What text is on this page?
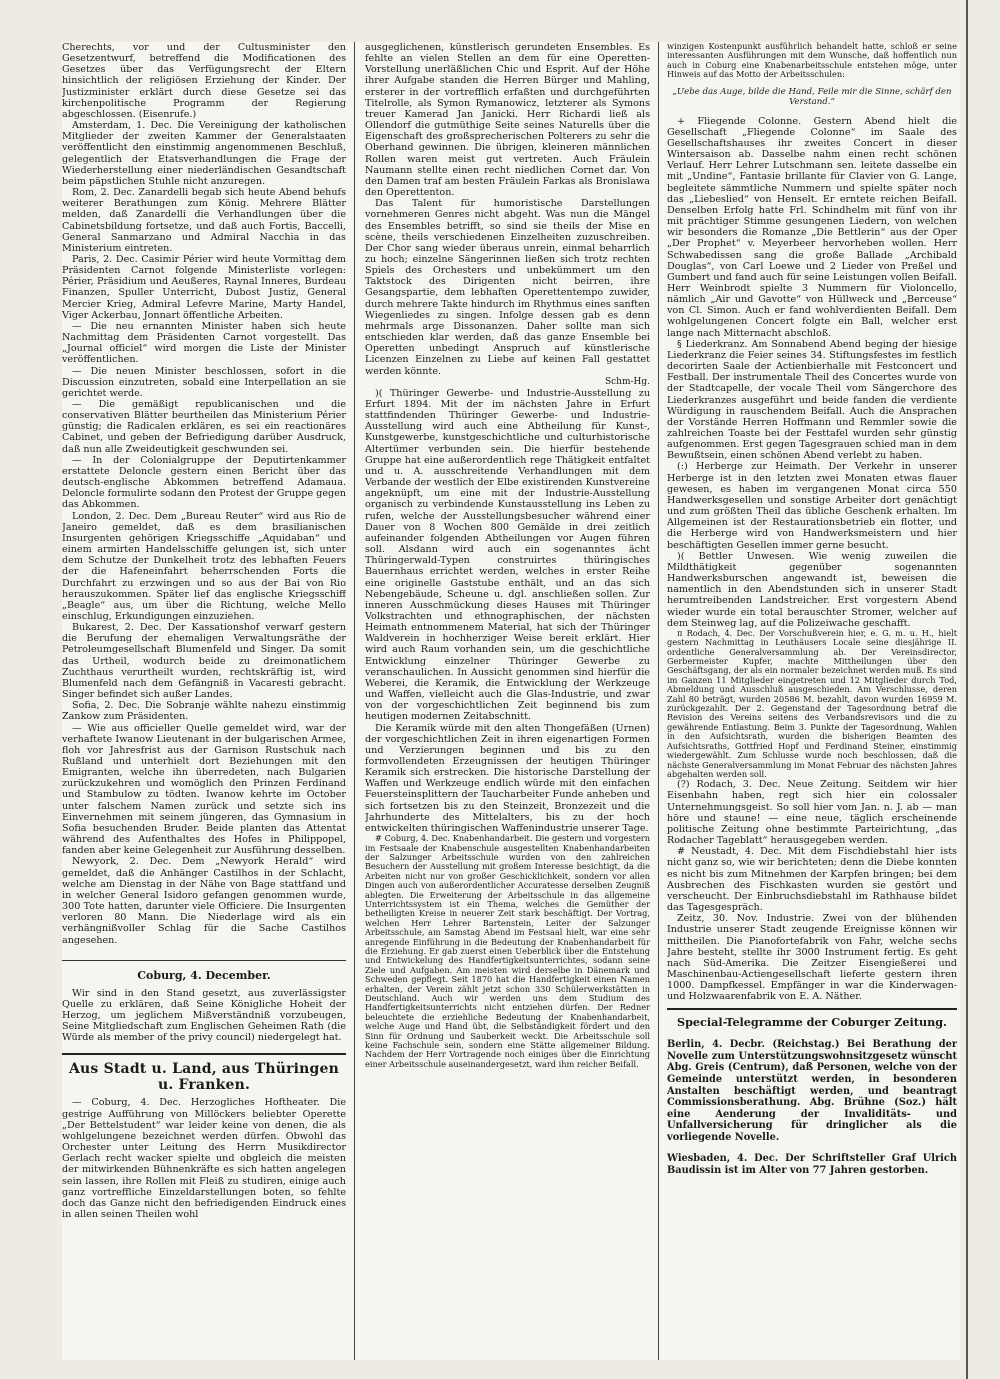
Cherechts, vor und der Cultusminister den Gesetzentwurf, betreffend die Modificationen des Gesetzes über das Verfügungsrecht der Eltern hinsichtlich der religiösen Erziehung der Kinder. Der Justizminister erklärt durch diese Gesetze sei das kirchenpolitische Programm der Regierung abgeschlossen. (Eisenrufe.)

Amsterdam, 1. Dec. Die Vereinigung der katholischen Mitglieder der zweiten Kammer der Generalstaaten veröffentlicht den einstimmig angenommenen Beschluß, gelegentlich der Etatsverhandlungen die Frage der Wiederherstellung einer niederländischen Gesandtschaft beim päpstlichen Stuhle nicht anzuregen.

Rom, 2. Dec. Zanardelli begab sich heute Abend behufs weiterer Berathungen zum König. Mehrere Blätter melden, daß Zanardelli die Verhandlungen über die Cabinetsbildung fortsetze, und daß auch Fortis, Baccelli, General Sanmarzano und Admiral Nacchia in das Ministerium eintreten.

Paris, 2. Dec. Casimir Périer wird heute Vormittag dem Präsidenten Carnot folgende Ministerliste vorlegen: Périer, Präsidium und Aeußeres, Raynal Inneres, Burdeau Finanzen, Spuller Unterricht, Dubost Justiz, General Mercier Krieg, Admiral Lefevre Marine, Marty Handel, Viger Ackerbau, Jonnart öffentliche Arbeiten.

— Die neu ernannten Minister haben sich heute Nachmittag dem Präsidenten Carnot vorgestellt. Das „Journal officiel“ wird morgen die Liste der Minister veröffentlichen.

— Die neuen Minister beschlossen, sofort in die Discussion einzutreten, sobald eine Interpellation an sie gerichtet werde.

— Die gemäßigt republicanischen und die conservativen Blätter beurtheilen das Ministerium Périer günstig; die Radicalen erklären, es sei ein reactionäres Cabinet, und geben der Befriedigung darüber Ausdruck, daß nun alle Zweideutigkeit geschwunden sei.

— In der Colonialgruppe der Deputirtenkammer erstattete Deloncle gestern einen Bericht über das deutsch-englische Abkommen betreffend Adamaua. Deloncle formulirte sodann den Protest der Gruppe gegen das Abkommen.

London, 2. Dec. Dem „Bureau Reuter“ wird aus Rio de Janeiro gemeldet, daß es dem brasilianischen Insurgenten gehörigen Kriegsschiffe „Aquidaban“ und einem armirten Handelsschiffe gelungen ist, sich unter dem Schutze der Dunkelheit trotz des lebhaften Feuers der die Hafeneinfahrt beherrschenden Forts die Durchfahrt zu erzwingen und so aus der Bai von Rio herauszukommen. Später lief das englische Kriegsschiff „Beagle“ aus, um über die Richtung, welche Mello einschlug, Erkundigungen einzuziehen.

Bukarest, 2. Dec. Der Kassationshof verwarf gestern die Berufung der ehemaligen Verwaltungsräthe der Petroleumgesellschaft Blumenfeld und Singer. Da somit das Urtheil, wodurch beide zu dreimonatlichem Zuchthaus verurtheilt wurden, rechtskräftig ist, wird Blumenfeld nach dem Gefängniß in Vacaresti gebracht. Singer befindet sich außer Landes.

Sofia, 2. Dec. Die Sobranje wählte nahezu einstimmig Zankow zum Präsidenten.

— Wie aus officieller Quelle gemeldet wird, war der verhaftete Iwanow Lieutenant in der bulgarischen Armee, floh vor Jahresfrist aus der Garnison Rustschuk nach Rußland und unterhielt dort Beziehungen mit den Emigranten, welche ihn überredeten, nach Bulgarien zurückzukehren und womöglich den Prinzen Ferdinand und Stambulow zu tödten. Iwanow kehrte im October unter falschem Namen zurück und setzte sich ins Einvernehmen mit seinem jüngeren, das Gymnasium in Sofia besuchenden Bruder. Beide planten das Attentat während des Aufenthaltes des Hofes in Philippopel, fanden aber keine Gelegenheit zur Ausführung desselben.

Newyork, 2. Dec. Dem „Newyork Herald“ wird gemeldet, daß die Anhänger Castilhos in der Schlacht, welche am Dienstag in der Nähe von Bage stattfand und in welcher General Isidoro gefangen genommen wurde, 300 Tote hatten, darunter viele Officiere. Die Insurgenten verloren 80 Mann. Die Niederlage wird als ein verhängnißvoller Schlag für die Sache Castilhos angesehen.

Coburg, 4. December.

Wir sind in den Stand gesetzt, aus zuverlässigster Quelle zu erklären, daß Seine Königliche Hoheit der Herzog, um jeglichem Mißverständniß vorzubeugen, Seine Mitgliedschaft zum Englischen Geheimen Rath (die Würde als member of the privy council) niedergelegt hat.

Aus Stadt u. Land, aus Thüringen u. Franken.

— Coburg, 4. Dec. Herzogliches Hoftheater. Die gestrige Aufführung von Millöckers beliebter Operette „Der Bettelstudent“ war leider keine von denen, die als wohlgelungene bezeichnet werden dürfen. Obwohl das Orchester unter Leitung des Herrn Musikdirector Gerlach recht wacker spielte und obgleich die meisten der mitwirkenden Bühnenkräfte es sich hatten angelegen sein lassen, ihre Rollen mit Fleiß zu studiren, einige auch ganz vortreffliche Einzeldarstellungen boten, so fehlte doch das Ganze nicht den befriedigenden Eindruck eines in allen seinen Theilen wohl

ausgeglichenen, künstlerisch gerundeten Ensembles. Es fehlte an vielen Stellen an dem für eine Operetten-Vorstellung unerläßlichen Chic und Esprit. Auf der Höhe ihrer Aufgabe standen die Herren Bürger und Mahling, ersterer in der vortrefflich erfaßten und durchgeführten Titelrolle, als Symon Rymanowicz, letzterer als Symons treuer Kamerad Jan Janicki. Herr Richardi ließ als Ollendorf die gutmüthige Seite seines Naturells über die Eigenschaft des großsprecherischen Polterers zu sehr die Oberhand gewinnen. Die übrigen, kleineren männlichen Rollen waren meist gut vertreten. Auch Fräulein Naumann stellte einen recht niedlichen Cornet dar. Von den Damen traf am besten Fräulein Farkas als Bronislawa den Operettenton.

Das Talent für humoristische Darstellungen vornehmeren Genres nicht abgeht. Was nun die Mängel des Ensembles betrifft, so sind sie theils der Mise en scène, theils verschiedenen Einzelheiten zuzuschreiben. Der Chor sang wieder überaus unrein, einmal beharrlich zu hoch; einzelne Sängerinnen ließen sich trotz rechten Spiels des Orchesters und unbekümmert um den Taktstock des Dirigenten nicht beirren, ihre Gesangspartie, dem lebhaften Operettentempo zuwider, durch mehrere Takte hindurch im Rhythmus eines sanften Wiegenliedes zu singen. Infolge dessen gab es denn mehrmals arge Dissonanzen. Daher sollte man sich entschieden klar werden, daß das ganze Ensemble bei Operetten unbedingt Anspruch auf künstlerische Licenzen Einzelnen zu Liebe auf keinen Fall gestattet werden könnte.

Schm-Hg.

)( Thüringer Gewerbe- und Industrie-Ausstellung zu Erfurt 1894. Mit der im nächsten Jahre in Erfurt stattfindenden Thüringer Gewerbe- und Industrie-Ausstellung wird auch eine Abtheilung für Kunst-, Kunstgewerbe, kunstgeschichtliche und culturhistorische Altertümer verbunden sein. Die hierfür bestehende Gruppe hat eine außerordentlich rege Thätigkeit entfaltet und u. A. ausschreitende Verhandlungen mit dem Verbande der westlich der Elbe existirenden Kunstvereine angeknüpft, um eine mit der Industrie-Ausstellung organisch zu verbindende Kunstausstellung ins Leben zu rufen, welche der Ausstellungsbesucher während einer Dauer von 8 Wochen 800 Gemälde in drei zeitlich aufeinander folgenden Abtheilungen vor Augen führen soll. Alsdann wird auch ein sogenanntes ächt Thüringerwald-Typen construirtes thüringisches Bauernhaus errichtet werden, welches in erster Reihe eine originelle Gaststube enthält, und an das sich Nebengebäude, Scheune u. dgl. anschließen sollen. Zur inneren Ausschmückung dieses Hauses mit Thüringer Volkstrachten und ethnographischen, der nächsten Heimath entnommenem Material, hat sich der Thüringer Waldverein in hochherziger Weise bereit erklärt. Hier wird auch Raum vorhanden sein, um die geschichtliche Entwicklung einzelner Thüringer Gewerbe zu veranschaulichen. In Aussicht genommen sind hierfür die Weberei, die Keramik, die Entwicklung der Werkzeuge und Waffen, vielleicht auch die Glas-Industrie, und zwar von der vorgeschichtlichen Zeit beginnend bis zum heutigen modernen Zeitabschnitt.

Die Keramik würde mit den alten Thongefäßen (Urnen) der vorgeschichtlichen Zeit in ihren eigenartigen Formen und Verzierungen beginnen und bis zu den formvollendeten Erzeugnissen der heutigen Thüringer Keramik sich erstrecken. Die historische Darstellung der Waffen und Werkzeuge endlich würde mit den einfachen Feuersteinsplittern der Taucharbeiter Funde anheben und sich fortsetzen bis zu den Steinzeit, Bronzezeit und die Jahrhunderte des Mittelalters, bis zu der hoch entwickelten thüringischen Waffenindustrie unserer Tage.

# Coburg, 4. Dec. Knabenhandarbeit. Die gestern und vorgestern im Festsaale der Knabenschule ausgestellten Knabenhandarbeiten der Salzunger Arbeitsschule wurden von den zahlreichen Besuchern der Ausstellung mit großem Interesse besichtigt, da die Arbeiten nicht nur von großer Geschicklichkeit, sondern vor allen Dingen auch von außerordentlicher Accuratesse derselben Zeugniß ablegten. Die Erweiterung der Arbeitsschule in das allgemeine Unterrichtssystem ist ein Thema, welches die Gemüther der betheiligten Kreise in neuerer Zeit stark beschäftigt. Der Vortrag, welchen Herr Lehrer Bartenstein, Leiter der Salzunger Arbeitsschule, am Samstag Abend im Festsaal hielt, war eine sehr anregende Einführung in die Bedeutung der Knabenhandarbeit für die Erziehung. Er gab zuerst einen Ueberblick über die Entstehung und Entwickelung des Handfertigkeitsunterrichtes, sodann seine Ziele und Aufgaben. Am meisten wird derselbe in Dänemark und Schweden gepflegt. Seit 1870 hat die Handfertigkeit einen Namen erhalten, der Verein zählt jetzt schon 330 Schülerwerkstätten in Deutschland. Auch wir werden uns dem Studium des Handfertigkeitsunterrichts nicht entziehen dürfen. Der Redner beleuchtete die erziehliche Bedeutung der Knabenhandarbeit, welche Auge und Hand übt, die Selbständigkeit fördert und den Sinn für Ordnung und Sauberkeit weckt. Die Arbeitsschule soll keine Fachschule sein, sondern eine Stätte allgemeiner Bildung. Nachdem der Herr Vortragende noch einiges über die Einrichtung einer Arbeitsschule auseinandergesetzt, ward ihm reicher Beifall.

winzigen Kostenpunkt ausführlich behandelt hatte, schloß er seine interessanten Ausführungen mit dem Wunsche, daß hoffentlich nun auch in Coburg eine Knabenarbeitsschule entstehen möge, unter Hinweis auf das Motto der Arbeitsschulen:

„Uebe das Auge, bilde die Hand, Feile mir die Sinne, schärf den Verstand.“

+ Fliegende Colonne. Gestern Abend hielt die Gesellschaft „Fliegende Colonne“ im Saale des Gesellschaftshauses ihr zweites Concert in dieser Wintersaison ab. Dasselbe nahm einen recht schönen Verlauf. Herr Lehrer Lutschmann sen. leitete dasselbe ein mit „Undine“, Fantasie brillante für Clavier von G. Lange, begleitete sämmtliche Nummern und spielte später noch das „Liebeslied“ von Henselt. Er erntete reichen Beifall. Denselben Erfolg hatte Frl. Schindhelm mit fünf von ihr mit prächtiger Stimme gesungenen Liedern, von welchen wir besonders die Romanze „Die Bettlerin“ aus der Oper „Der Prophet“ v. Meyerbeer hervorheben wollen. Herr Schwabedissen sang die große Ballade „Archibald Douglas“, von Carl Loewe und 2 Lieder von Preßel und Gumbert und fand auch für seine Leistungen vollen Beifall. Herr Weinbrodt spielte 3 Nummern für Violoncello, nämlich „Air und Gavotte“ von Hüllweck und „Berceuse“ von Cl. Simon. Auch er fand wohlverdienten Beifall. Dem wohlgelungenen Concert folgte ein Ball, welcher erst lange nach Mitternacht abschloß.

§ Liederkranz. Am Sonnabend Abend beging der hiesige Liederkranz die Feier seines 34. Stiftungsfestes im festlich decorirten Saale der Actienbierhalle mit Festconcert und Festball. Der instrumentale Theil des Concertes wurde von der Stadtcapelle, der vocale Theil vom Sängerchore des Liederkranzes ausgeführt und beide fanden die verdiente Würdigung in rauschendem Beifall. Auch die Ansprachen der Vorstände Herren Hoffmann und Remmler sowie die zahlreichen Toaste bei der Festtafel wurden sehr günstig aufgenommen. Erst gegen Tagesgrauen schied man in dem Bewußtsein, einen schönen Abend verlebt zu haben.

(:) Herberge zur Heimath. Der Verkehr in unserer Herberge ist in den letzten zwei Monaten etwas flauer gewesen, es haben im vergangenen Monat circa 550 Handwerksgesellen und sonstige Arbeiter dort genächtigt und zum größten Theil das übliche Geschenk erhalten. Im Allgemeinen ist der Restaurationsbetrieb ein flotter, und die Herberge wird von Handwerksmeistern und hier beschäftigten Gesellen immer gerne besucht.

)( Bettler Unwesen. Wie wenig zuweilen die Mildthätigkeit gegenüber sogenannten Handwerksburschen angewandt ist, beweisen die namentlich in den Abendstunden sich in unserer Stadt herumtreibenden Landstreicher. Erst vorgestern Abend wieder wurde ein total berauschter Stromer, welcher auf dem Steinweg lag, auf die Polizeiwache geschafft.

π Rodach, 4. Dec. Der Vorschußverein hier, e. G. m. u. H., hielt gestern Nachmittag in Leuthäusers Locale seine diesjährige II. ordentliche Generalversammlung ab. Der Vereinsdirector, Gerbermeister Kupfer, machte Mittheilungen über den Geschäftsgang, der als ein normaler bezeichnet werden muß. Es sind im Ganzen 11 Mitglieder eingetreten und 12 Mitglieder durch Tod, Abmeldung und Ausschluß ausgeschieden. Am Verschlusse, deren Zahl 80 beträgt, wurden 20586 M. bezahlt, davon wurden 16959 M. zurückgezahlt. Der 2. Gegenstand der Tagesordnung betraf die Revision des Vereins seitens des Verbandsrevisors und die zu gewährende Entlastung. Beim 3. Punkte der Tagesordnung, Wahlen in den Aufsichtsrath, wurden die bisherigen Beamten des Aufsichtsraths, Gottfried Hopf und Ferdinand Steiner, einstimmig wiedergewählt. Zum Schlusse wurde noch beschlossen, daß die nächste Generalversammlung im Monat Februar des nächsten Jahres abgehalten werden soll.

(?) Rodach, 3. Dec. Neue Zeitung. Seitdem wir hier Eisenbahn haben, regt sich hier ein colossaler Unternehmungsgeist. So soll hier vom Jan. n. J. ab — man höre und staune! — eine neue, täglich erscheinende politische Zeitung ohne bestimmte Parteirichtung, „das Rodacher Tageblatt“ herausgegeben werden.

# Neustadt, 4. Dec. Mit dem Fischdiebstahl hier ists nicht ganz so, wie wir berichteten; denn die Diebe konnten es nicht bis zum Mitnehmen der Karpfen bringen; bei dem Ausbrechen des Fischkasten wurden sie gestört und verscheucht. Der Einbruchsdiebstahl im Rathhause bildet das Tagesgespräch.

Zeitz, 30. Nov. Industrie. Zwei von der blühenden Industrie unserer Stadt zeugende Ereignisse können wir mittheilen. Die Pianofortefabrik von Fahr, welche sechs Jahre besteht, stellte ihr 3000 Instrument fertig. Es geht nach Süd-Amerika. Die Zeitzer Eisengießerei und Maschinenbau-Actiengesellschaft lieferte gestern ihren 1000. Dampfkessel. Empfänger in war die Kinderwagen- und Holzwaarenfabrik von E. A. Näther.

Special-Telegramme der Coburger Zeitung.

Berlin, 4. Decbr. (Reichstag.) Bei Berathung der Novelle zum Unterstützungswohnsitzgesetz wünscht Abg. Greis (Centrum), daß Personen, welche von der Gemeinde unterstützt werden, in besonderen Anstalten beschäftigt werden, und beantragt Commissionsberathung. Abg. Brühne (Soz.) hält eine Aenderung der Invaliditäts- und Unfallversicherung für dringlicher als die vorliegende Novelle.

Wiesbaden, 4. Dec. Der Schriftsteller Graf Ulrich Baudissin ist im Alter von 77 Jahren gestorben.
